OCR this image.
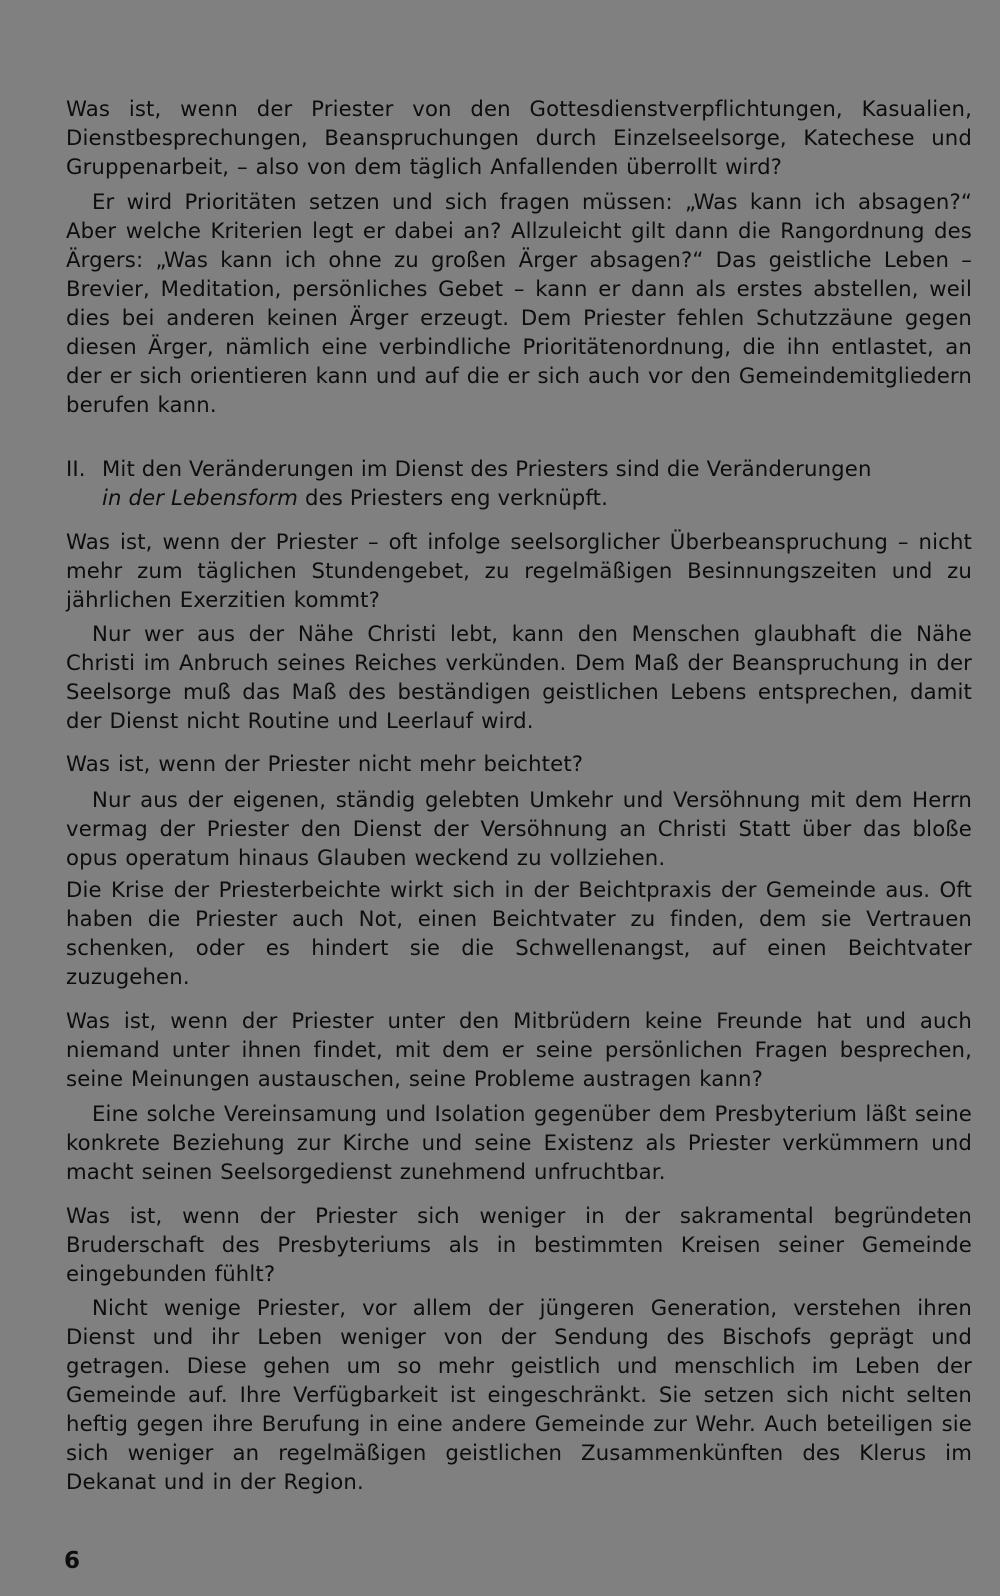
Was ist, wenn der Priester von den Gottesdienstverpflichtungen, Kasualien, Dienstbesprechungen, Beanspruchungen durch Einzelseelsorge, Katechese und Gruppenarbeit, – also von dem täglich Anfallenden überrollt wird?

Er wird Prioritäten setzen und sich fragen müssen: „Was kann ich absagen?“ Aber welche Kriterien legt er dabei an? Allzuleicht gilt dann die Rangordnung des Ärgers: „Was kann ich ohne zu großen Ärger absagen?“ Das geistliche Leben – Brevier, Meditation, persönliches Gebet – kann er dann als erstes abstellen, weil dies bei anderen keinen Ärger erzeugt. Dem Priester fehlen Schutzzäune gegen diesen Ärger, nämlich eine verbindliche Prioritätenordnung, die ihn entlastet, an der er sich orientieren kann und auf die er sich auch vor den Gemeindemitgliedern berufen kann.

II. Mit den Veränderungen im Dienst des Priesters sind die Veränderungen
in der Lebensform des Priesters eng verknüpft.

Was ist, wenn der Priester – oft infolge seelsorglicher Überbeanspruchung – nicht mehr zum täglichen Stundengebet, zu regelmäßigen Besinnungszeiten und zu jährlichen Exerzitien kommt?

Nur wer aus der Nähe Christi lebt, kann den Menschen glaubhaft die Nähe Christi im Anbruch seines Reiches verkünden. Dem Maß der Beanspruchung in der Seelsorge muß das Maß des beständigen geistlichen Lebens entsprechen, damit der Dienst nicht Routine und Leerlauf wird.

Was ist, wenn der Priester nicht mehr beichtet?

Nur aus der eigenen, ständig gelebten Umkehr und Versöhnung mit dem Herrn vermag der Priester den Dienst der Versöhnung an Christi Statt über das bloße opus operatum hinaus Glauben weckend zu vollziehen.

Die Krise der Priesterbeichte wirkt sich in der Beichtpraxis der Gemeinde aus. Oft haben die Priester auch Not, einen Beichtvater zu finden, dem sie Vertrauen schenken, oder es hindert sie die Schwellenangst, auf einen Beichtvater zuzugehen.

Was ist, wenn der Priester unter den Mitbrüdern keine Freunde hat und auch niemand unter ihnen findet, mit dem er seine persönlichen Fragen besprechen, seine Meinungen austauschen, seine Probleme austragen kann?

Eine solche Vereinsamung und Isolation gegenüber dem Presbyterium läßt seine konkrete Beziehung zur Kirche und seine Existenz als Priester verkümmern und macht seinen Seelsorgedienst zunehmend unfruchtbar.

Was ist, wenn der Priester sich weniger in der sakramental begründeten Bruderschaft des Presbyteriums als in bestimmten Kreisen seiner Gemeinde eingebunden fühlt?

Nicht wenige Priester, vor allem der jüngeren Generation, verstehen ihren Dienst und ihr Leben weniger von der Sendung des Bischofs geprägt und getragen. Diese gehen um so mehr geistlich und menschlich im Leben der Gemeinde auf. Ihre Verfügbarkeit ist eingeschränkt. Sie setzen sich nicht selten heftig gegen ihre Berufung in eine andere Gemeinde zur Wehr. Auch beteiligen sie sich weniger an regelmäßigen geistlichen Zusammenkünften des Klerus im Dekanat und in der Region.

6
